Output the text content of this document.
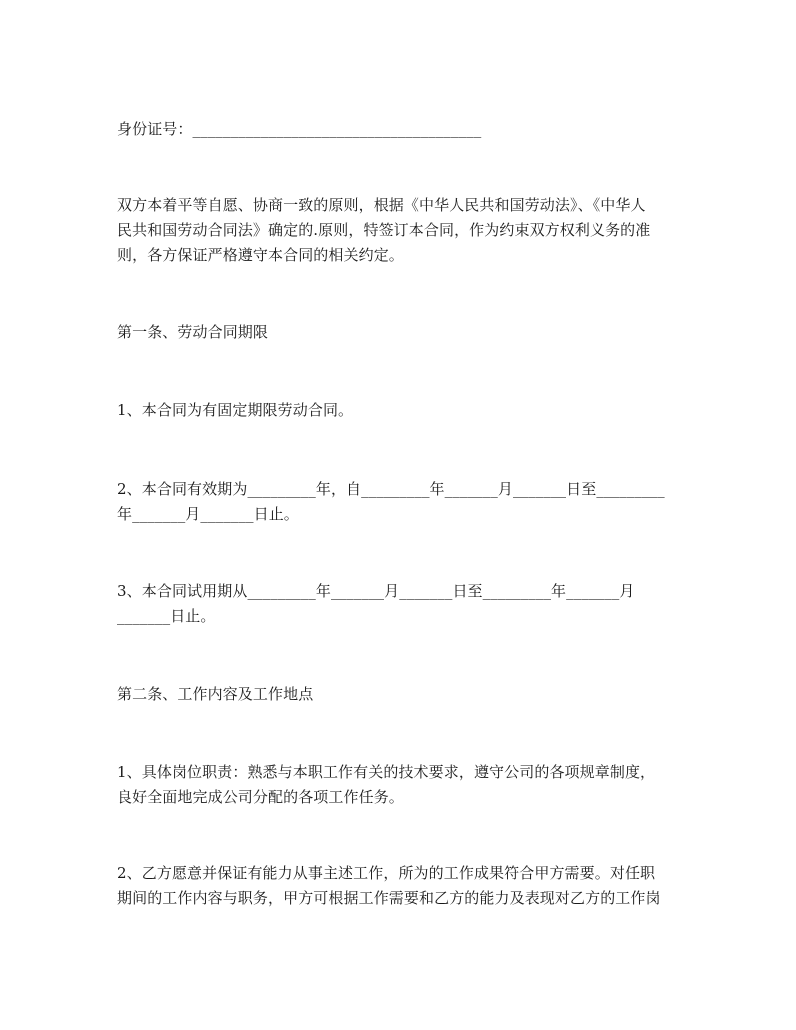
身份证号：______________________________________
双方本着平等自愿、协商一致的原则，根据《中华人民共和国劳动法》、《中华人
民共和国劳动合同法》确定的.原则，特签订本合同，作为约束双方权利义务的准
则，各方保证严格遵守本合同的相关约定。
第一条、劳动合同期限
1、本合同为有固定期限劳动合同。
2、本合同有效期为_________年，自_________年_______月_______日至_________
年_______月_______日止。
3、本合同试用期从_________年_______月_______日至_________年_______月
_______日止。
第二条、工作内容及工作地点
1、具体岗位职责：熟悉与本职工作有关的技术要求，遵守公司的各项规章制度，
良好全面地完成公司分配的各项工作任务。
2、乙方愿意并保证有能力从事主述工作，所为的工作成果符合甲方需要。对任职
期间的工作内容与职务，甲方可根据工作需要和乙方的能力及表现对乙方的工作岗
